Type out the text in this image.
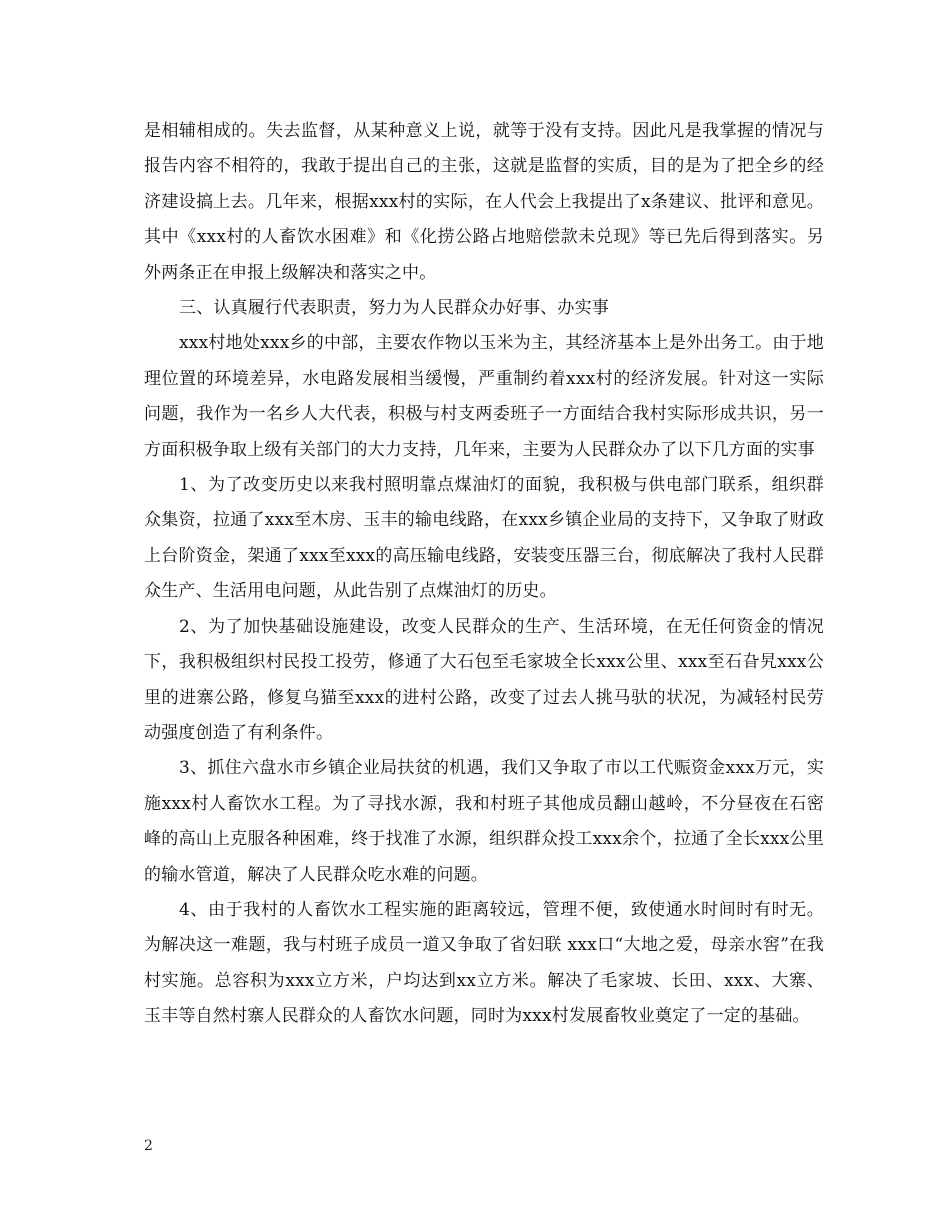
是相辅相成的。失去监督，从某种意义上说，就等于没有支持。因此凡是我掌握的情况与报告内容不相符的，我敢于提出自己的主张，这就是监督的实质，目的是为了把全乡的经济建设搞上去。几年来，根据xxx村的实际，在人代会上我提出了x条建议、批评和意见。其中《xxx村的人畜饮水困难》和《化捞公路占地赔偿款未兑现》等已先后得到落实。另外两条正在申报上级解决和落实之中。

三、认真履行代表职责，努力为人民群众办好事、办实事

xxx村地处xxx乡的中部，主要农作物以玉米为主，其经济基本上是外出务工。由于地理位置的环境差异，水电路发展相当缓慢，严重制约着xxx村的经济发展。针对这一实际问题，我作为一名乡人大代表，积极与村支两委班子一方面结合我村实际形成共识，另一方面积极争取上级有关部门的大力支持，几年来，主要为人民群众办了以下几方面的实事

1、为了改变历史以来我村照明靠点煤油灯的面貌，我积极与供电部门联系，组织群众集资，拉通了xxx至木房、玉丰的输电线路，在xxx乡镇企业局的支持下，又争取了财政上台阶资金，架通了xxx至xxx的高压输电线路，安装变压器三台，彻底解决了我村人民群众生产、生活用电问题，从此告别了点煤油灯的历史。

2、为了加快基础设施建设，改变人民群众的生产、生活环境，在无任何资金的情况下，我积极组织村民投工投劳，修通了大石包至毛家坡全长xxx公里、xxx至石旮旯xxx公里的进寨公路，修复乌猫至xxx的进村公路，改变了过去人挑马驮的状况，为减轻村民劳动强度创造了有利条件。

3、抓住六盘水市乡镇企业局扶贫的机遇，我们又争取了市以工代赈资金xxx万元，实施xxx村人畜饮水工程。为了寻找水源，我和村班子其他成员翻山越岭，不分昼夜在石密峰的高山上克服各种困难，终于找准了水源，组织群众投工xxx余个，拉通了全长xxx公里的输水管道，解决了人民群众吃水难的问题。

4、由于我村的人畜饮水工程实施的距离较远，管理不便，致使通水时间时有时无。为解决这一难题，我与村班子成员一道又争取了省妇联 xxx口“大地之爱，母亲水窖”在我村实施。总容积为xxx立方米，户均达到xx立方米。解决了毛家坡、长田、xxx、大寨、玉丰等自然村寨人民群众的人畜饮水问题，同时为xxx村发展畜牧业奠定了一定的基础。

2
